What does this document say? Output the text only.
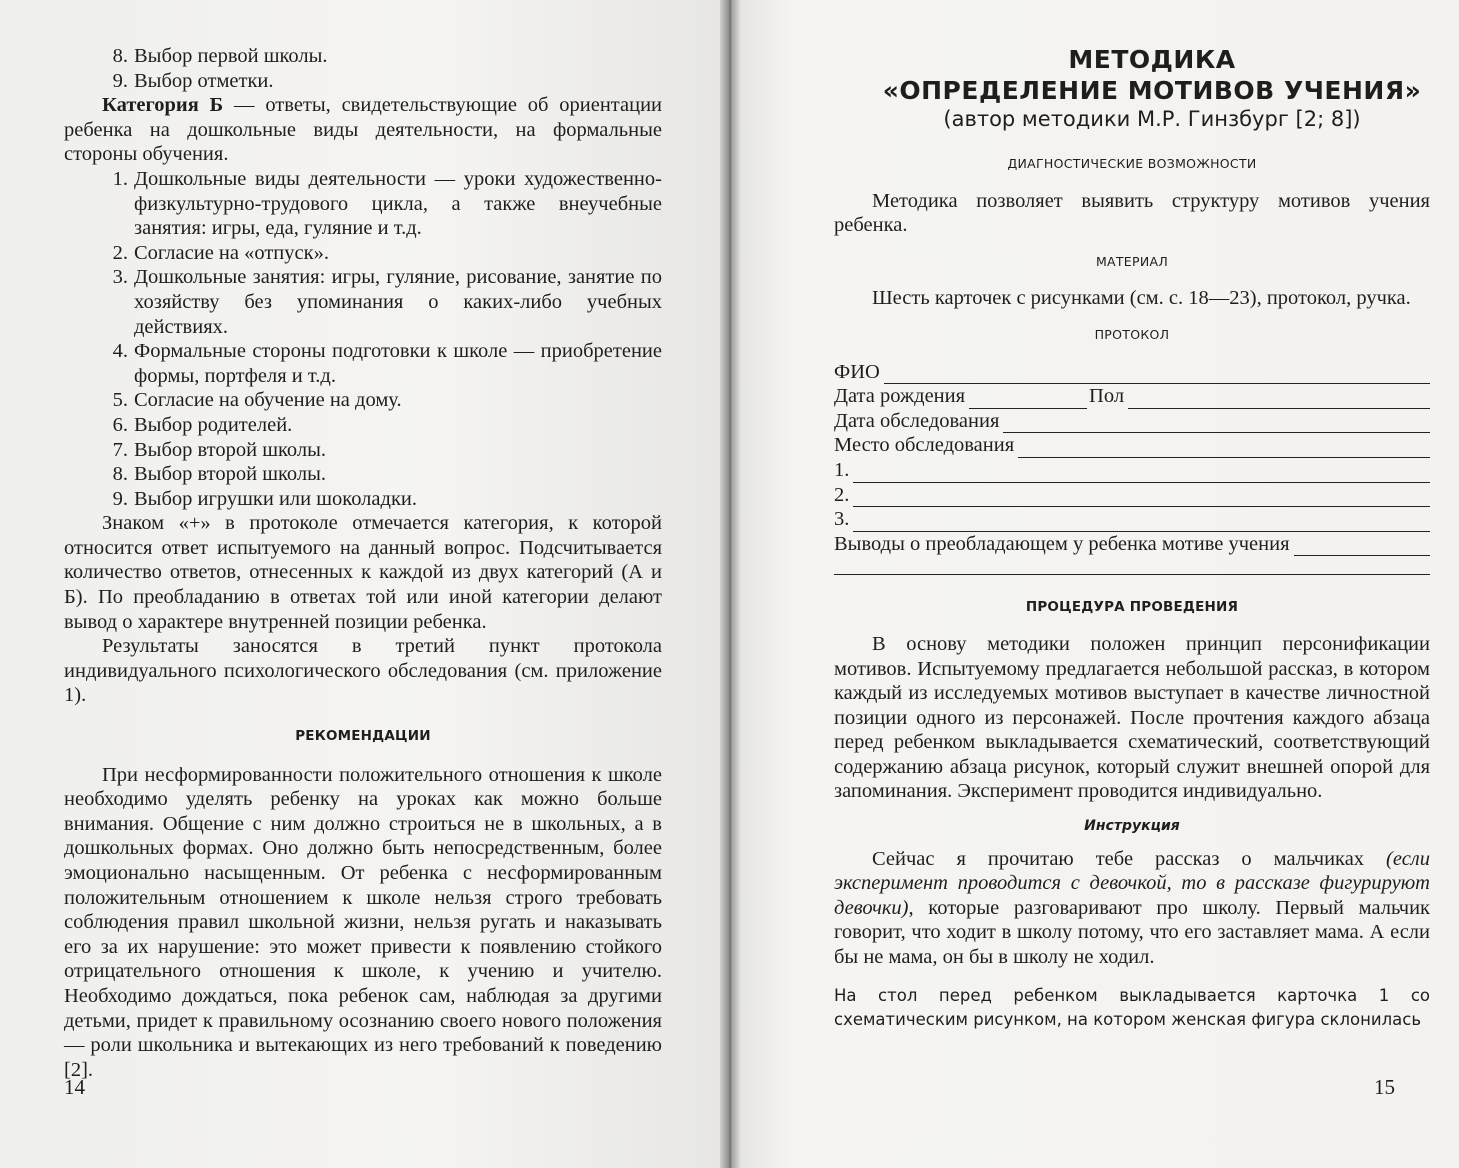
8. Выбор первой школы.
9. Выбор отметки.

Категория Б — ответы, свидетельствующие об ориентации ребенка на дошкольные виды деятельности, на формальные стороны обучения.

1. Дошкольные виды деятельности — уроки художественно-физкультурно-трудового цикла, а также внеучебные занятия: игры, еда, гуляние и т.д.
2. Согласие на «отпуск».
3. Дошкольные занятия: игры, гуляние, рисование, занятие по хозяйству без упоминания о каких-либо учебных действиях.
4. Формальные стороны подготовки к школе — приобретение формы, портфеля и т.д.
5. Согласие на обучение на дому.
6. Выбор родителей.
7. Выбор второй школы.
8. Выбор второй школы.
9. Выбор игрушки или шоколадки.

Знаком «+» в протоколе отмечается категория, к которой относится ответ испытуемого на данный вопрос. Подсчитывается количество ответов, отнесенных к каждой из двух категорий (А и Б). По преобладанию в ответах той или иной категории делают вывод о характере внутренней позиции ребенка.

Результаты заносятся в третий пункт протокола индивидуального психологического обследования (см. приложение 1).

РЕКОМЕНДАЦИИ

При несформированности положительного отношения к школе необходимо уделять ребенку на уроках как можно больше внимания. Общение с ним должно строиться не в школьных, а в дошкольных формах. Оно должно быть непосредственным, более эмоционально насыщенным. От ребенка с несформированным положительным отношением к школе нельзя строго требовать соблюдения правил школьной жизни, нельзя ругать и наказывать его за их нарушение: это может привести к появлению стойкого отрицательного отношения к школе, к учению и учителю. Необходимо дождаться, пока ребенок сам, наблюдая за другими детьми, придет к правильному осознанию своего нового положения — роли школьника и вытекающих из него требований к поведению [2].

14
МЕТОДИКА
«ОПРЕДЕЛЕНИЕ МОТИВОВ УЧЕНИЯ»
(автор методики М.Р. Гинзбург [2; 8])
ДИАГНОСТИЧЕСКИЕ ВОЗМОЖНОСТИ

Методика позволяет выявить структуру мотивов учения ребенка.

МАТЕРИАЛ

Шесть карточек с рисунками (см. с. 18—23), протокол, ручка.

ПРОТОКОЛ
ФИО
Дата рождения	Пол
Дата обследования
Место обследования
1.
2.
3.
Выводы о преобладающем у ребенка мотиве учения
ПРОЦЕДУРА ПРОВЕДЕНИЯ

В основу методики положен принцип персонификации мотивов. Испытуемому предлагается небольшой рассказ, в котором каждый из исследуемых мотивов выступает в качестве личностной позиции одного из персонажей. После прочтения каждого абзаца перед ребенком выкладывается схематический, соответствующий содержанию абзаца рисунок, который служит внешней опорой для запоминания. Эксперимент проводится индивидуально.

Инструкция

Сейчас я прочитаю тебе рассказ о мальчиках (если эксперимент проводится с девочкой, то в рассказе фигурируют девочки), которые разговаривают про школу. Первый мальчик говорит, что ходит в школу потому, что его заставляет мама. А если бы не мама, он бы в школу не ходил.

На стол перед ребенком выкладывается карточка 1 со схематическим рисунком, на котором женская фигура склонилась

15
